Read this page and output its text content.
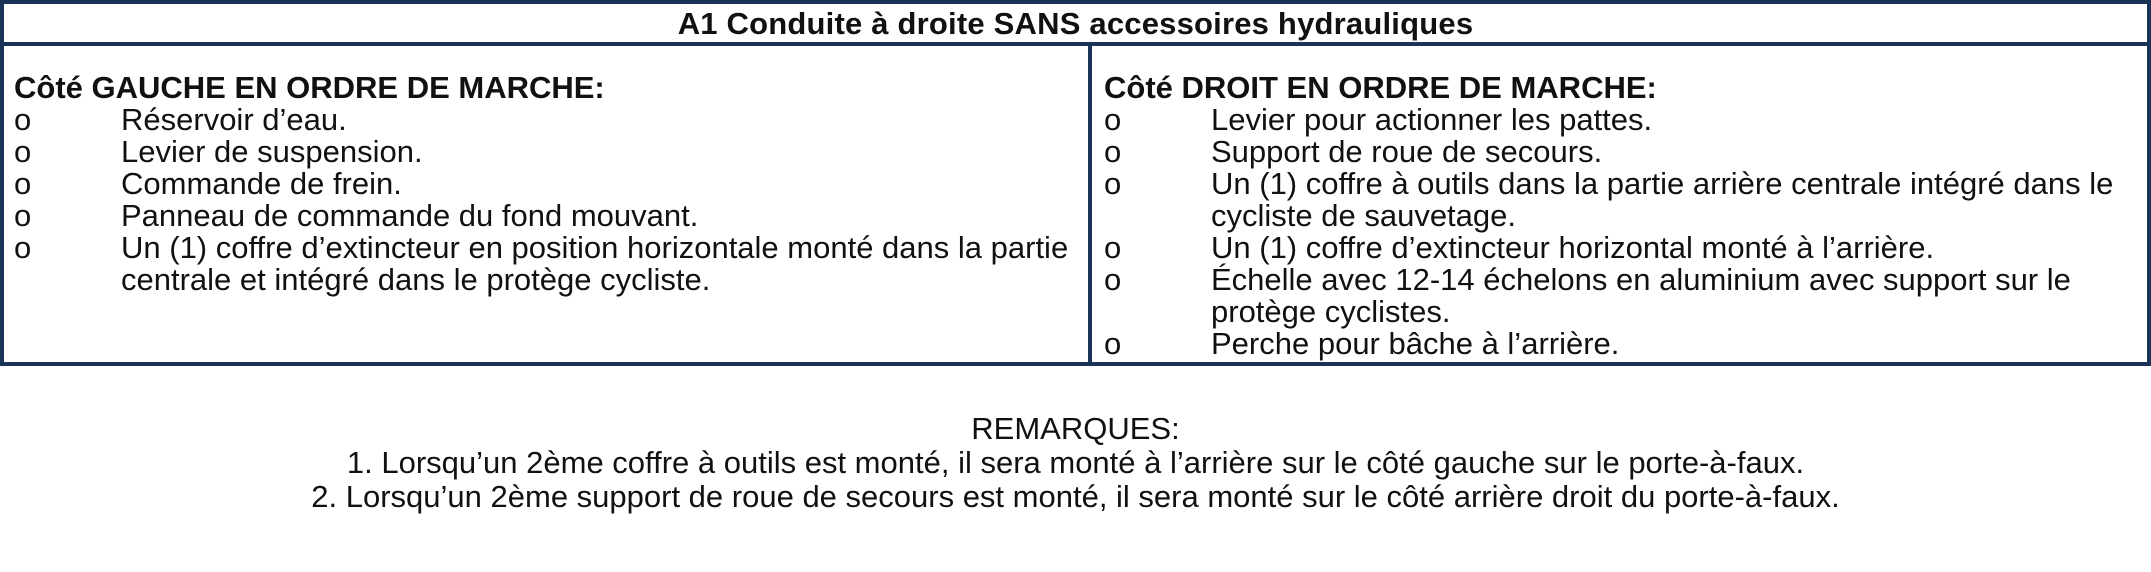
A1 Conduite à droite SANS accessoires hydrauliques
Côté GAUCHE EN ORDRE DE MARCHE:
o	Réservoir d’eau.
o	Levier de suspension.
o	Commande de frein.
o	Panneau de commande du fond mouvant.
o	Un (1) coffre d’extincteur en position horizontale monté dans la partie centrale et intégré dans le protège cycliste.
Côté DROIT EN ORDRE DE MARCHE:
o	Levier pour actionner les pattes.
o	Support de roue de secours.
o	Un (1) coffre à outils dans la partie arrière centrale intégré dans le cycliste de sauvetage.
o	Un (1) coffre d’extincteur horizontal monté à l’arrière.
o	Échelle avec 12-14 échelons en aluminium avec support sur le protège cyclistes.
o	Perche pour bâche à l’arrière.
REMARQUES:
1. Lorsqu’un 2ème coffre à outils est monté, il sera monté à l’arrière sur le côté gauche sur le porte-à-faux.
2. Lorsqu’un 2ème support de roue de secours est monté, il sera monté sur le côté arrière droit du porte-à-faux.
